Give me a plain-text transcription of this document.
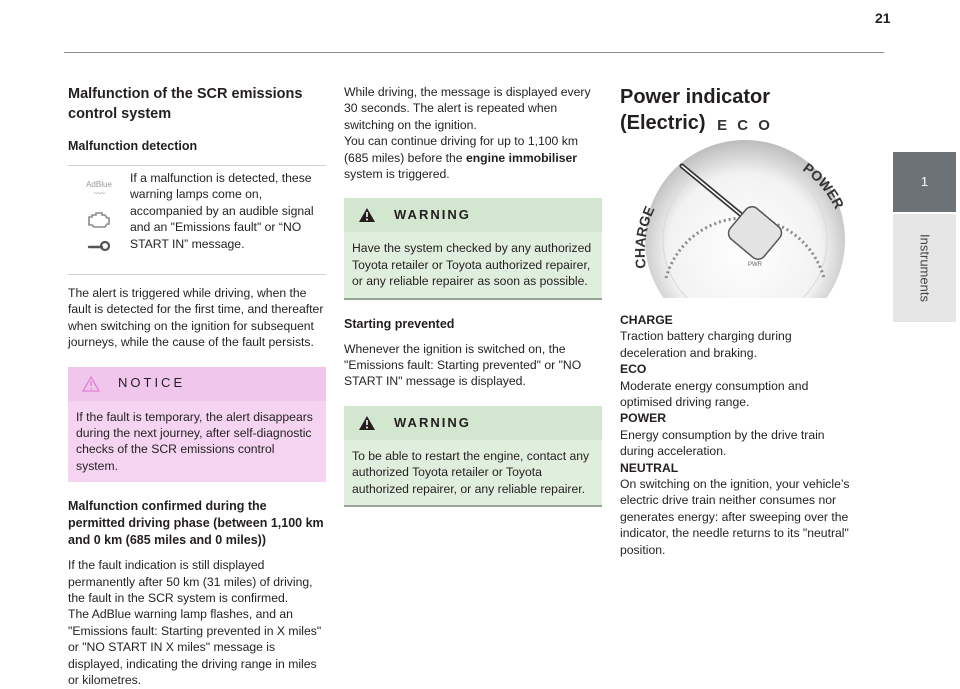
21
1
Instruments
Malfunction of the SCR emissions control system
Malfunction detection
AdBlue
~~~
If a malfunction is detected, these warning lamps come on, accompanied by an audible signal and an "Emissions fault" or “NO START IN” message.

The alert is triggered while driving, when the fault is detected for the first time, and thereafter when switching on the ignition for subsequent journeys, while the cause of the fault persists.

NOTICE
If the fault is temporary, the alert disappears during the next journey, after self-diagnostic checks of the SCR emissions control system.
Malfunction confirmed during the permitted driving phase (between 1,100 km and 0 km (685 miles and 0 miles))

If the fault indication is still displayed permanently after 50 km (31 miles) of driving, the fault in the SCR system is confirmed.

The AdBlue warning lamp flashes, and an "Emissions fault: Starting prevented in X miles" or "NO START IN X miles" message is displayed, indicating the driving range in miles or kilometres.

While driving, the message is displayed every 30 seconds. The alert is repeated when switching on the ignition.

You can continue driving for up to 1,100 km (685 miles) before the engine immobiliser system is triggered.

WARNING
Have the system checked by any authorized Toyota retailer or Toyota authorized repairer, or any reliable repairer as soon as possible.
Starting prevented

Whenever the ignition is switched on, the "Emissions fault: Starting prevented" or "NO START IN" message is displayed.

WARNING
To be able to restart the engine, contact any authorized Toyota retailer or Toyota authorized repairer, or any reliable repairer.
Power indicator (Electric) E C O
CHARGE
POWER
PWR

CHARGE

Traction battery charging during deceleration and braking.

ECO

Moderate energy consumption and optimised driving range.

POWER

Energy consumption by the drive train during acceleration.

NEUTRAL

On switching on the ignition, your vehicle’s electric drive train neither consumes nor generates energy: after sweeping over the indicator, the needle returns to its "neutral" position.
